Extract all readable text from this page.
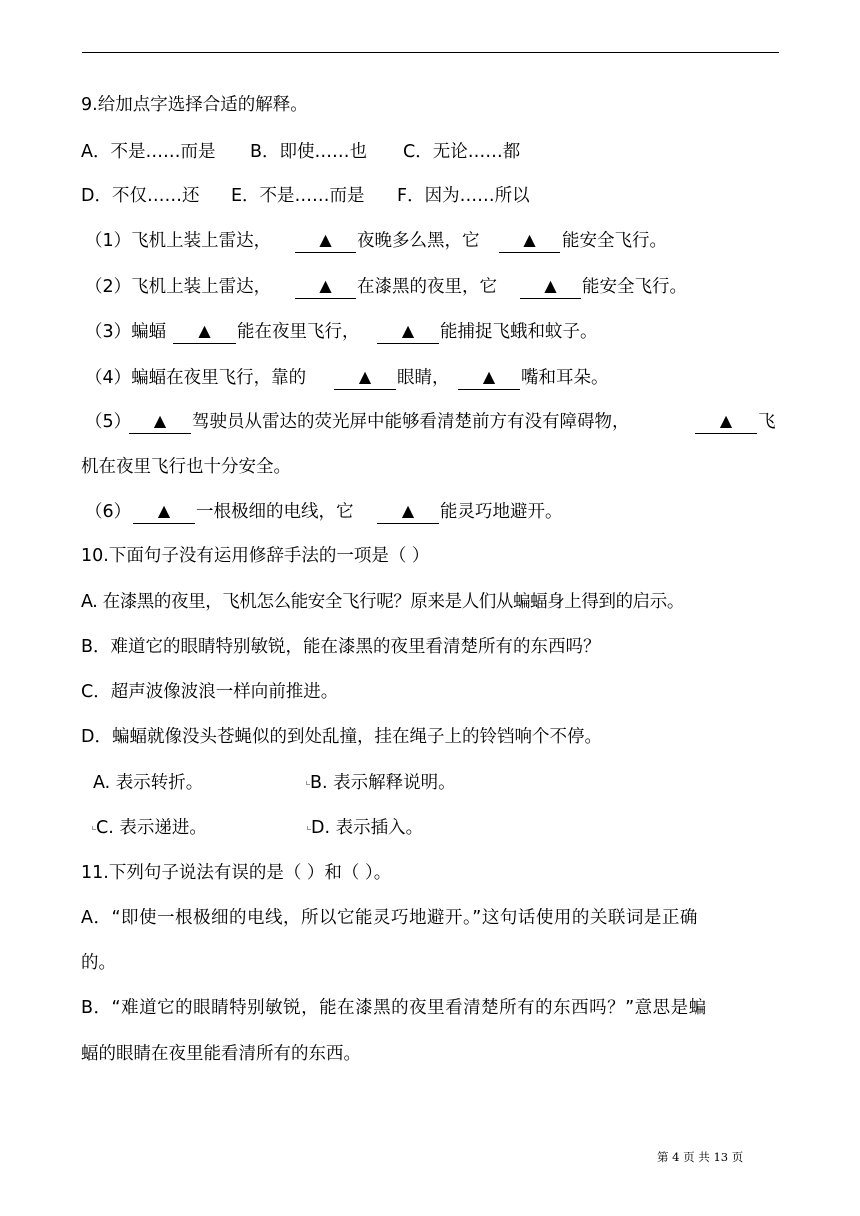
9.给加点字选择合适的解释。
A．不是……而是 B．即使……也 C．无论……都
D．不仅……还 E．不是……而是 F．因为……所以
（1）飞机上装上雷达，	▲	夜晚多么黑，它	▲	能安全飞行。
（2）飞机上装上雷达，	▲	在漆黑的夜里，它	▲	能安全飞行。
（3）蝙蝠	▲	能在夜里飞行，	▲	能捕捉飞蛾和蚊子。
（4）蝙蝠在夜里飞行，靠的	▲	眼睛，	▲	嘴和耳朵。
（5）	▲	驾驶员从雷达的荧光屏中能够看清楚前方有没有障碍物，	▲	飞
机在夜里飞行也十分安全。
（6）	▲	一根极细的电线，它	▲	能灵巧地避开。
10.下面句子没有运用修辞手法的一项是（ ）
A. 在漆黑的夜里，飞机怎么能安全飞行呢？原来是人们从蝙蝠身上得到的启示。
B．难道它的眼睛特别敏锐，能在漆黑的夜里看清楚所有的东西吗？
C．超声波像波浪一样向前推进。
D．蝙蝠就像没头苍蝇似的到处乱撞，挂在绳子上的铃铛响个不停。
A. 表示转折。	B. 表示解释说明。
C. 表示递进。	D. 表示插入。
11.下列句子说法有误的是（ ）和（ ）。
A．“即使一根极细的电线，所以它能灵巧地避开。”这句话使用的关联词是正确
的。
B．“难道它的眼睛特别敏锐，能在漆黑的夜里看清楚所有的东西吗？”意思是蝙
蝠的眼睛在夜里能看清所有的东西。
第 4 页 共 13 页
